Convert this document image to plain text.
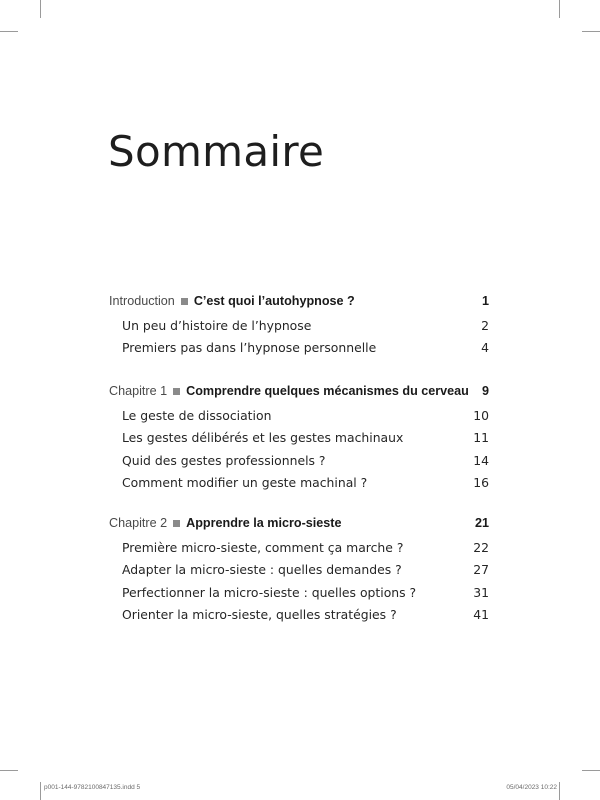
Sommaire
Introduction C’est quoi l’autohypnose ?	1
Un peu d’histoire de l’hypnose	2
Premiers pas dans l’hypnose personnelle	4
Chapitre 1 Comprendre quelques mécanismes du cerveau 9
Le geste de dissociation	10
Les gestes délibérés et les gestes machinaux	11
Quid des gestes professionnels ?	14
Comment modifier un geste machinal ?	16
Chapitre 2 Apprendre la micro-sieste	21
Première micro-sieste, comment ça marche ?	22
Adapter la micro-sieste : quelles demandes ?	27
Perfectionner la micro-sieste : quelles options ?	31
Orienter la micro-sieste, quelles stratégies ?	41
p001-144-9782100847135.indd 5	05/04/2023 10:22
